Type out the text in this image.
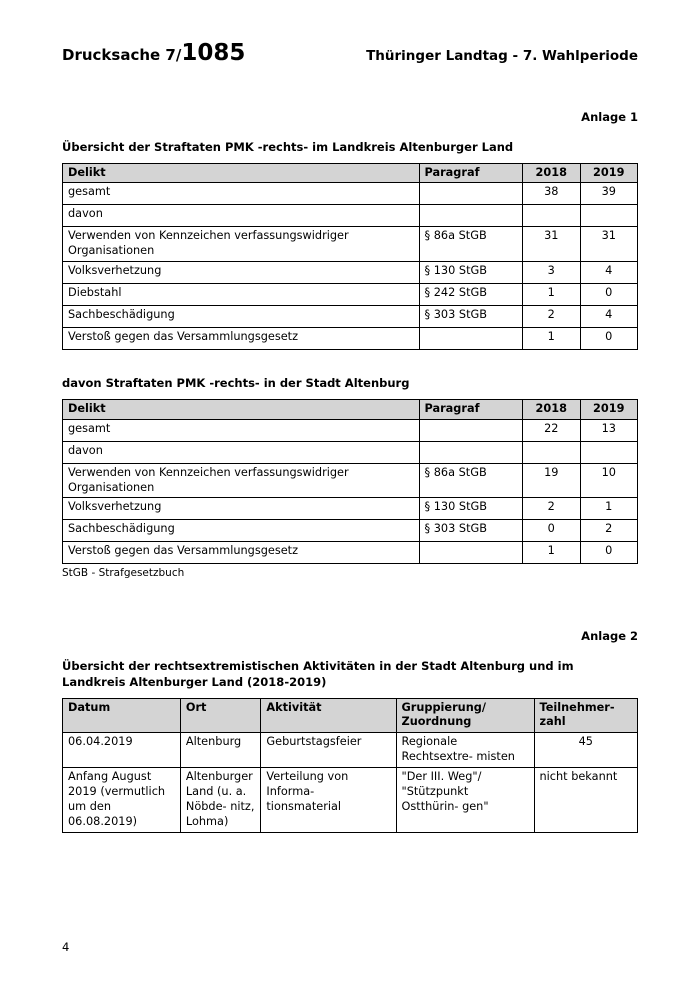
Drucksache 7/1085	Thüringer Landtag - 7. Wahlperiode
Anlage 1
Übersicht der Straftaten PMK -rechts- im Landkreis Altenburger Land
Delikt	Paragraf	2018	2019
gesamt		38	39
davon			
Verwenden von Kennzeichen verfassungswidriger Organisationen	§ 86a StGB	31	31
Volksverhetzung	§ 130 StGB	3	4
Diebstahl	§ 242 StGB	1	0
Sachbeschädigung	§ 303 StGB	2	4
Verstoß gegen das Versammlungsgesetz		1	0
davon Straftaten PMK -rechts- in der Stadt Altenburg
Delikt	Paragraf	2018	2019
gesamt		22	13
davon			
Verwenden von Kennzeichen verfassungswidriger Organisationen	§ 86a StGB	19	10
Volksverhetzung	§ 130 StGB	2	1
Sachbeschädigung	§ 303 StGB	0	2
Verstoß gegen das Versammlungsgesetz		1	0
StGB - Strafgesetzbuch
Anlage 2
Übersicht der rechtsextremistischen Aktivitäten in der Stadt Altenburg und im Landkreis Altenburger Land (2018-2019)
Datum	Ort	Aktivität	Gruppierung/ Zuordnung	Teilnehmer- zahl
06.04.2019	Altenburg	Geburtstagsfeier	Regionale Rechtsextre- misten	45
Anfang August 2019 (vermutlich um den 06.08.2019)	Altenburger Land (u. a. Nöbde- nitz, Lohma)	Verteilung von Informa- tionsmaterial	"Der III. Weg"/ "Stützpunkt Ostthürin- gen"	nicht bekannt
4
